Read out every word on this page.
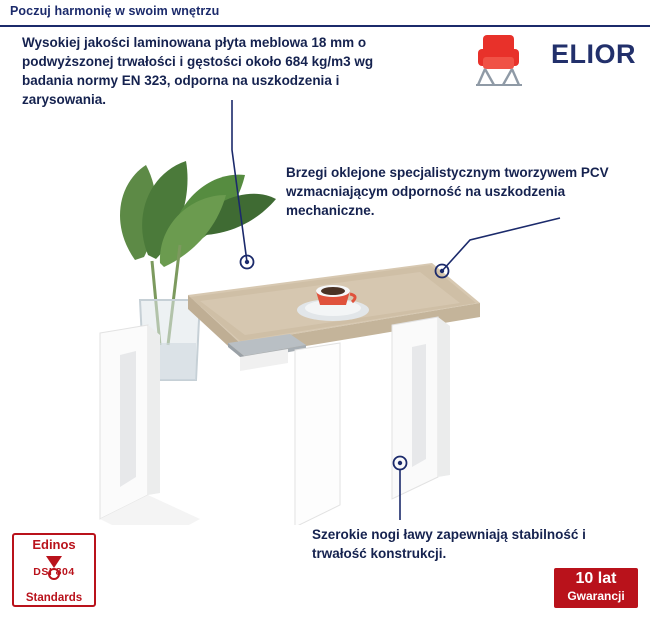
Poczuj harmonię w swoim wnętrzu
ELIOR
Wysokiej jakości laminowana płyta meblowa 18 mm o podwyższonej trwałości i gęstości około 684 kg/m3 wg badania normy EN 323, odporna na uszkodzenia i zarysowania.
Brzegi oklejone specjalistycznym tworzywem PCV wzmacniającym odporność na uszkodzenia mechaniczne.
Szerokie nogi ławy zapewniają stabilność i trwałość konstrukcji.
Edinos
DSI 804
Standards
10 lat
Gwarancji
